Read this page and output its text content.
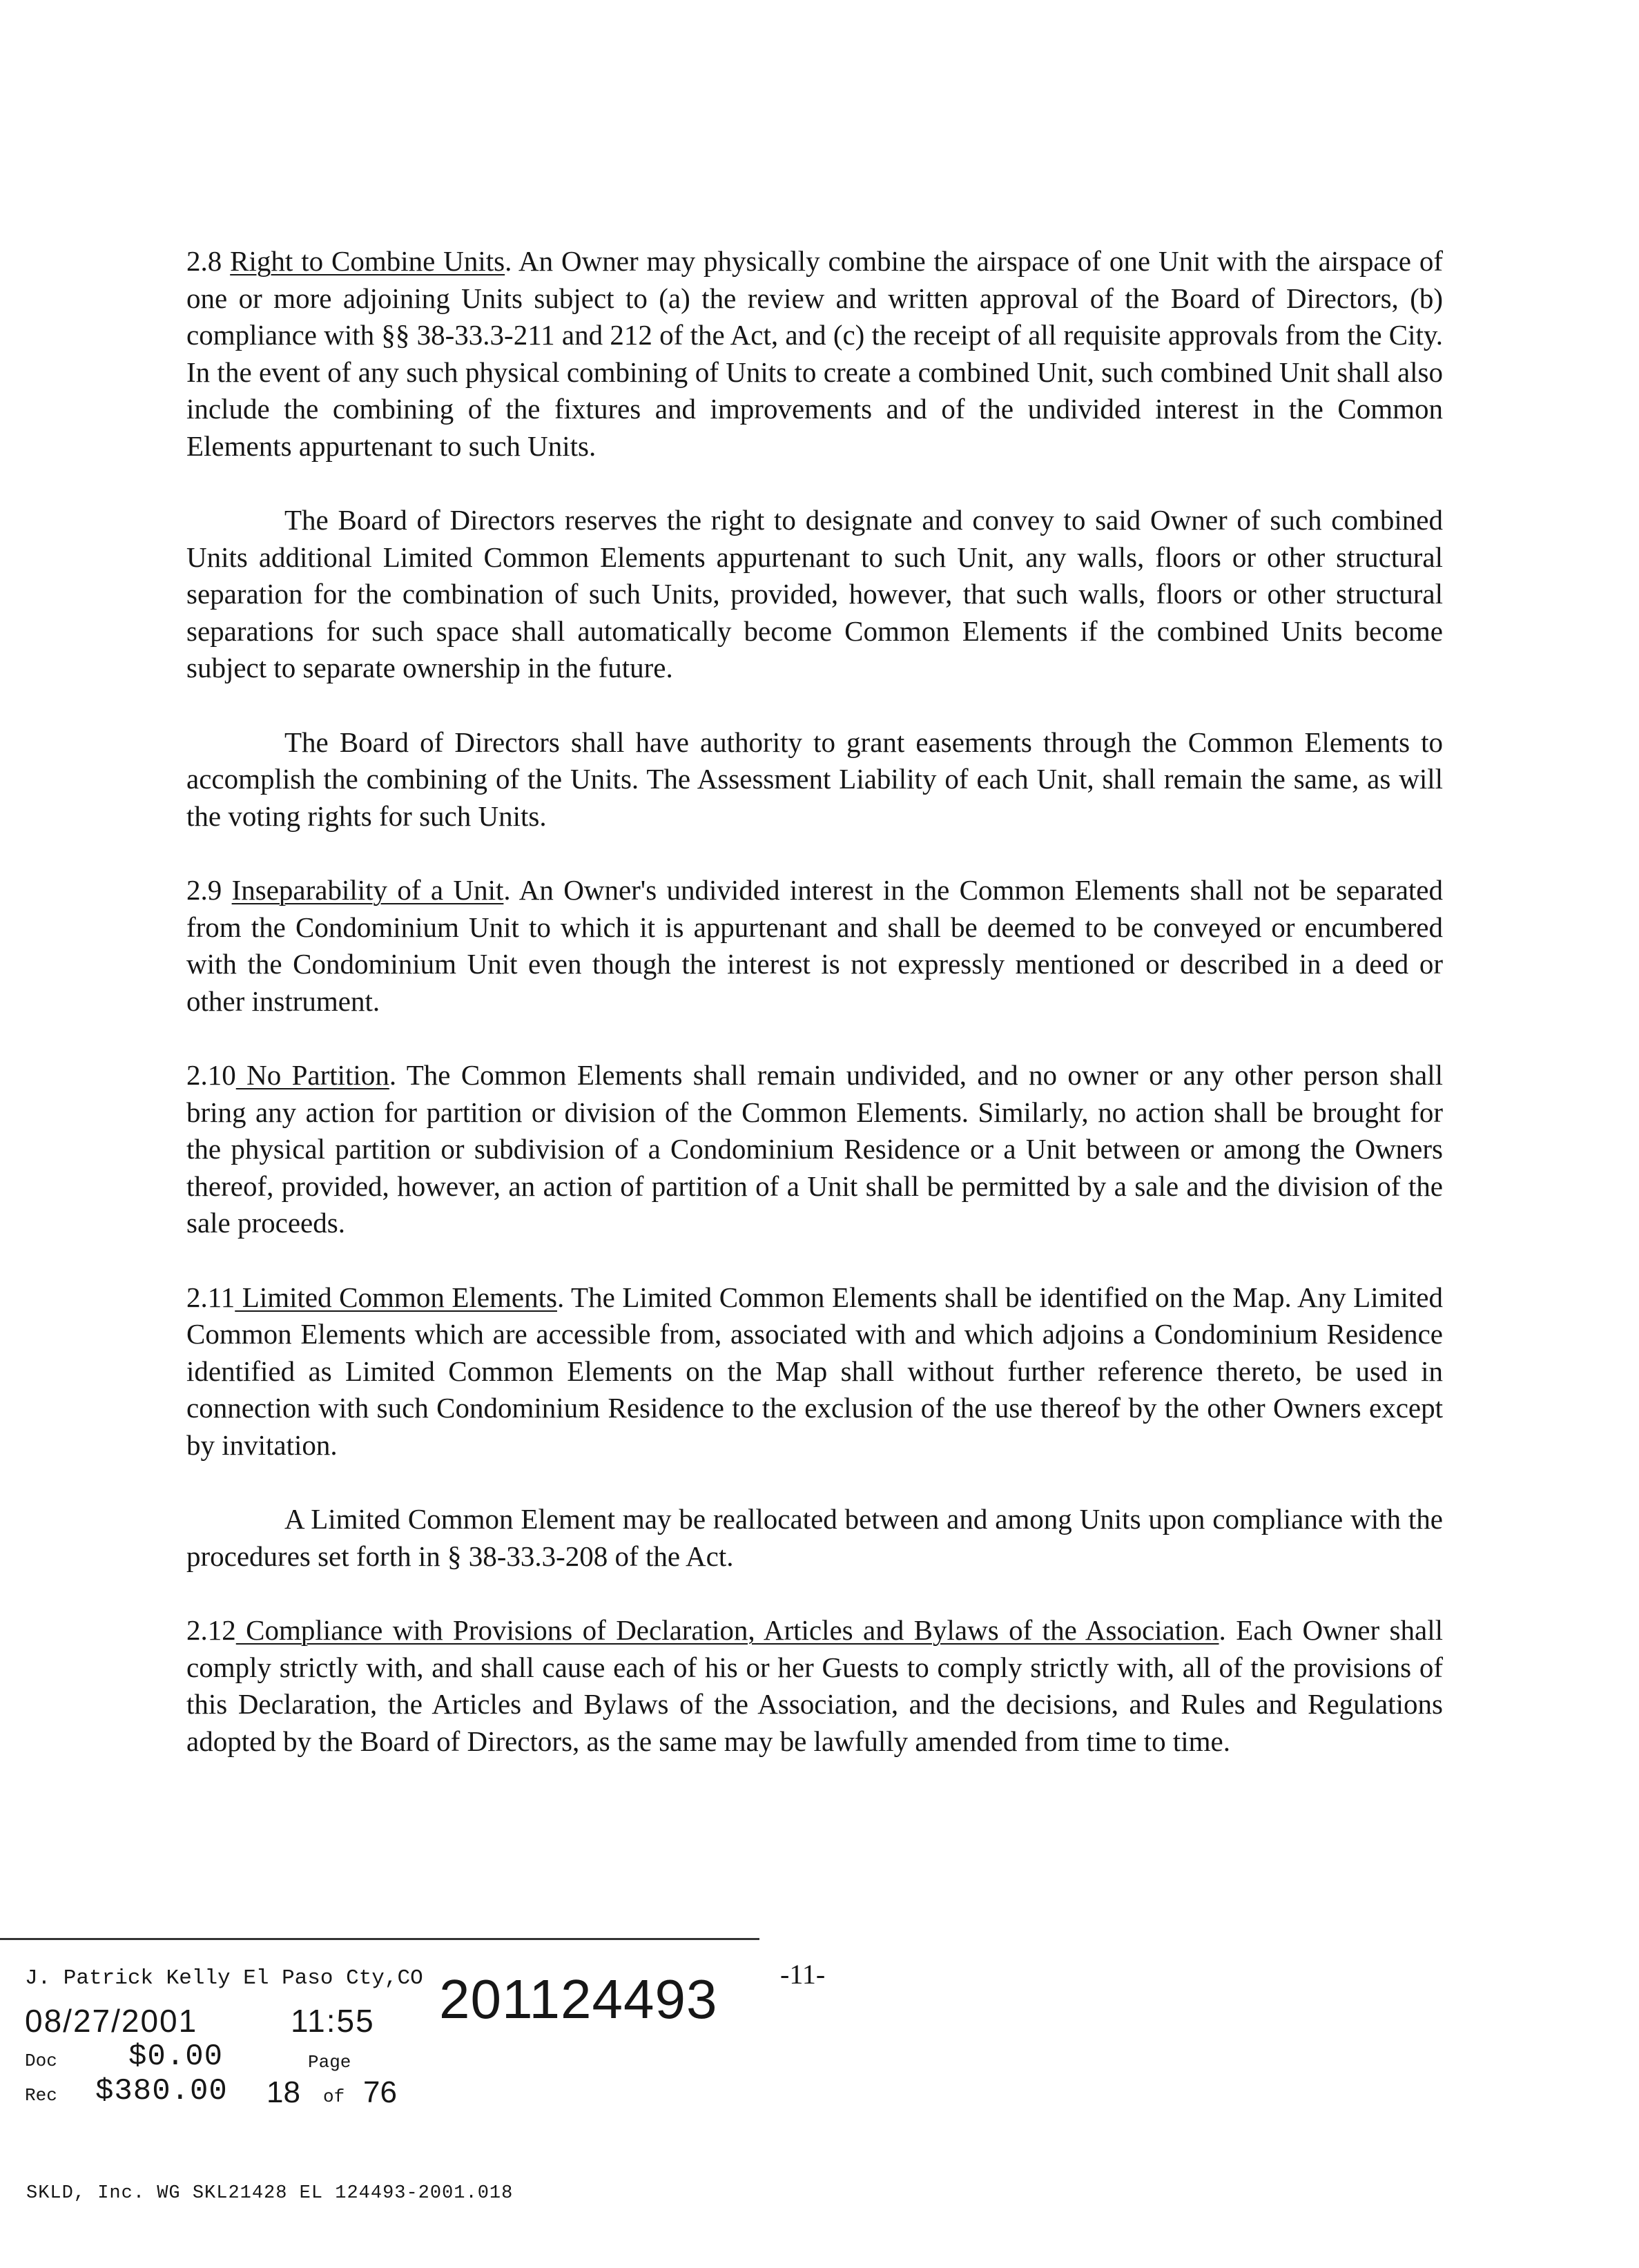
2.8 Right to Combine Units. An Owner may physically combine the airspace of one Unit with the airspace of one or more adjoining Units subject to (a) the review and written approval of the Board of Directors, (b) compliance with §§ 38-33.3-211 and 212 of the Act, and (c) the receipt of all requisite approvals from the City. In the event of any such physical combining of Units to create a combined Unit, such combined Unit shall also include the combining of the fixtures and improvements and of the undivided interest in the Common Elements appurtenant to such Units.

The Board of Directors reserves the right to designate and convey to said Owner of such combined Units additional Limited Common Elements appurtenant to such Unit, any walls, floors or other structural separation for the combination of such Units, provided, however, that such walls, floors or other structural separations for such space shall automatically become Common Elements if the combined Units become subject to separate ownership in the future.

The Board of Directors shall have authority to grant easements through the Common Elements to accomplish the combining of the Units. The Assessment Liability of each Unit, shall remain the same, as will the voting rights for such Units.

2.9 Inseparability of a Unit. An Owner's undivided interest in the Common Elements shall not be separated from the Condominium Unit to which it is appurtenant and shall be deemed to be conveyed or encumbered with the Condominium Unit even though the interest is not expressly mentioned or described in a deed or other instrument.

2.10 No Partition. The Common Elements shall remain undivided, and no owner or any other person shall bring any action for partition or division of the Common Elements. Similarly, no action shall be brought for the physical partition or subdivision of a Condominium Residence or a Unit between or among the Owners thereof, provided, however, an action of partition of a Unit shall be permitted by a sale and the division of the sale proceeds.

2.11 Limited Common Elements. The Limited Common Elements shall be identified on the Map. Any Limited Common Elements which are accessible from, associated with and which adjoins a Condominium Residence identified as Limited Common Elements on the Map shall without further reference thereto, be used in connection with such Condominium Residence to the exclusion of the use thereof by the other Owners except by invitation.

A Limited Common Element may be reallocated between and among Units upon compliance with the procedures set forth in § 38-33.3-208 of the Act.

2.12 Compliance with Provisions of Declaration, Articles and Bylaws of the Association. Each Owner shall comply strictly with, and shall cause each of his or her Guests to comply strictly with, all of the provisions of this Declaration, the Articles and Bylaws of the Association, and the decisions, and Rules and Regulations adopted by the Board of Directors, as the same may be lawfully amended from time to time.

J. Patrick Kelly El Paso Cty,CO
08/27/2001	11:55 201124493
Doc $0.00	Page
Rec $380.00 18 of 76
-11-
SKLD, Inc. WG SKL21428 EL 124493-2001.018
